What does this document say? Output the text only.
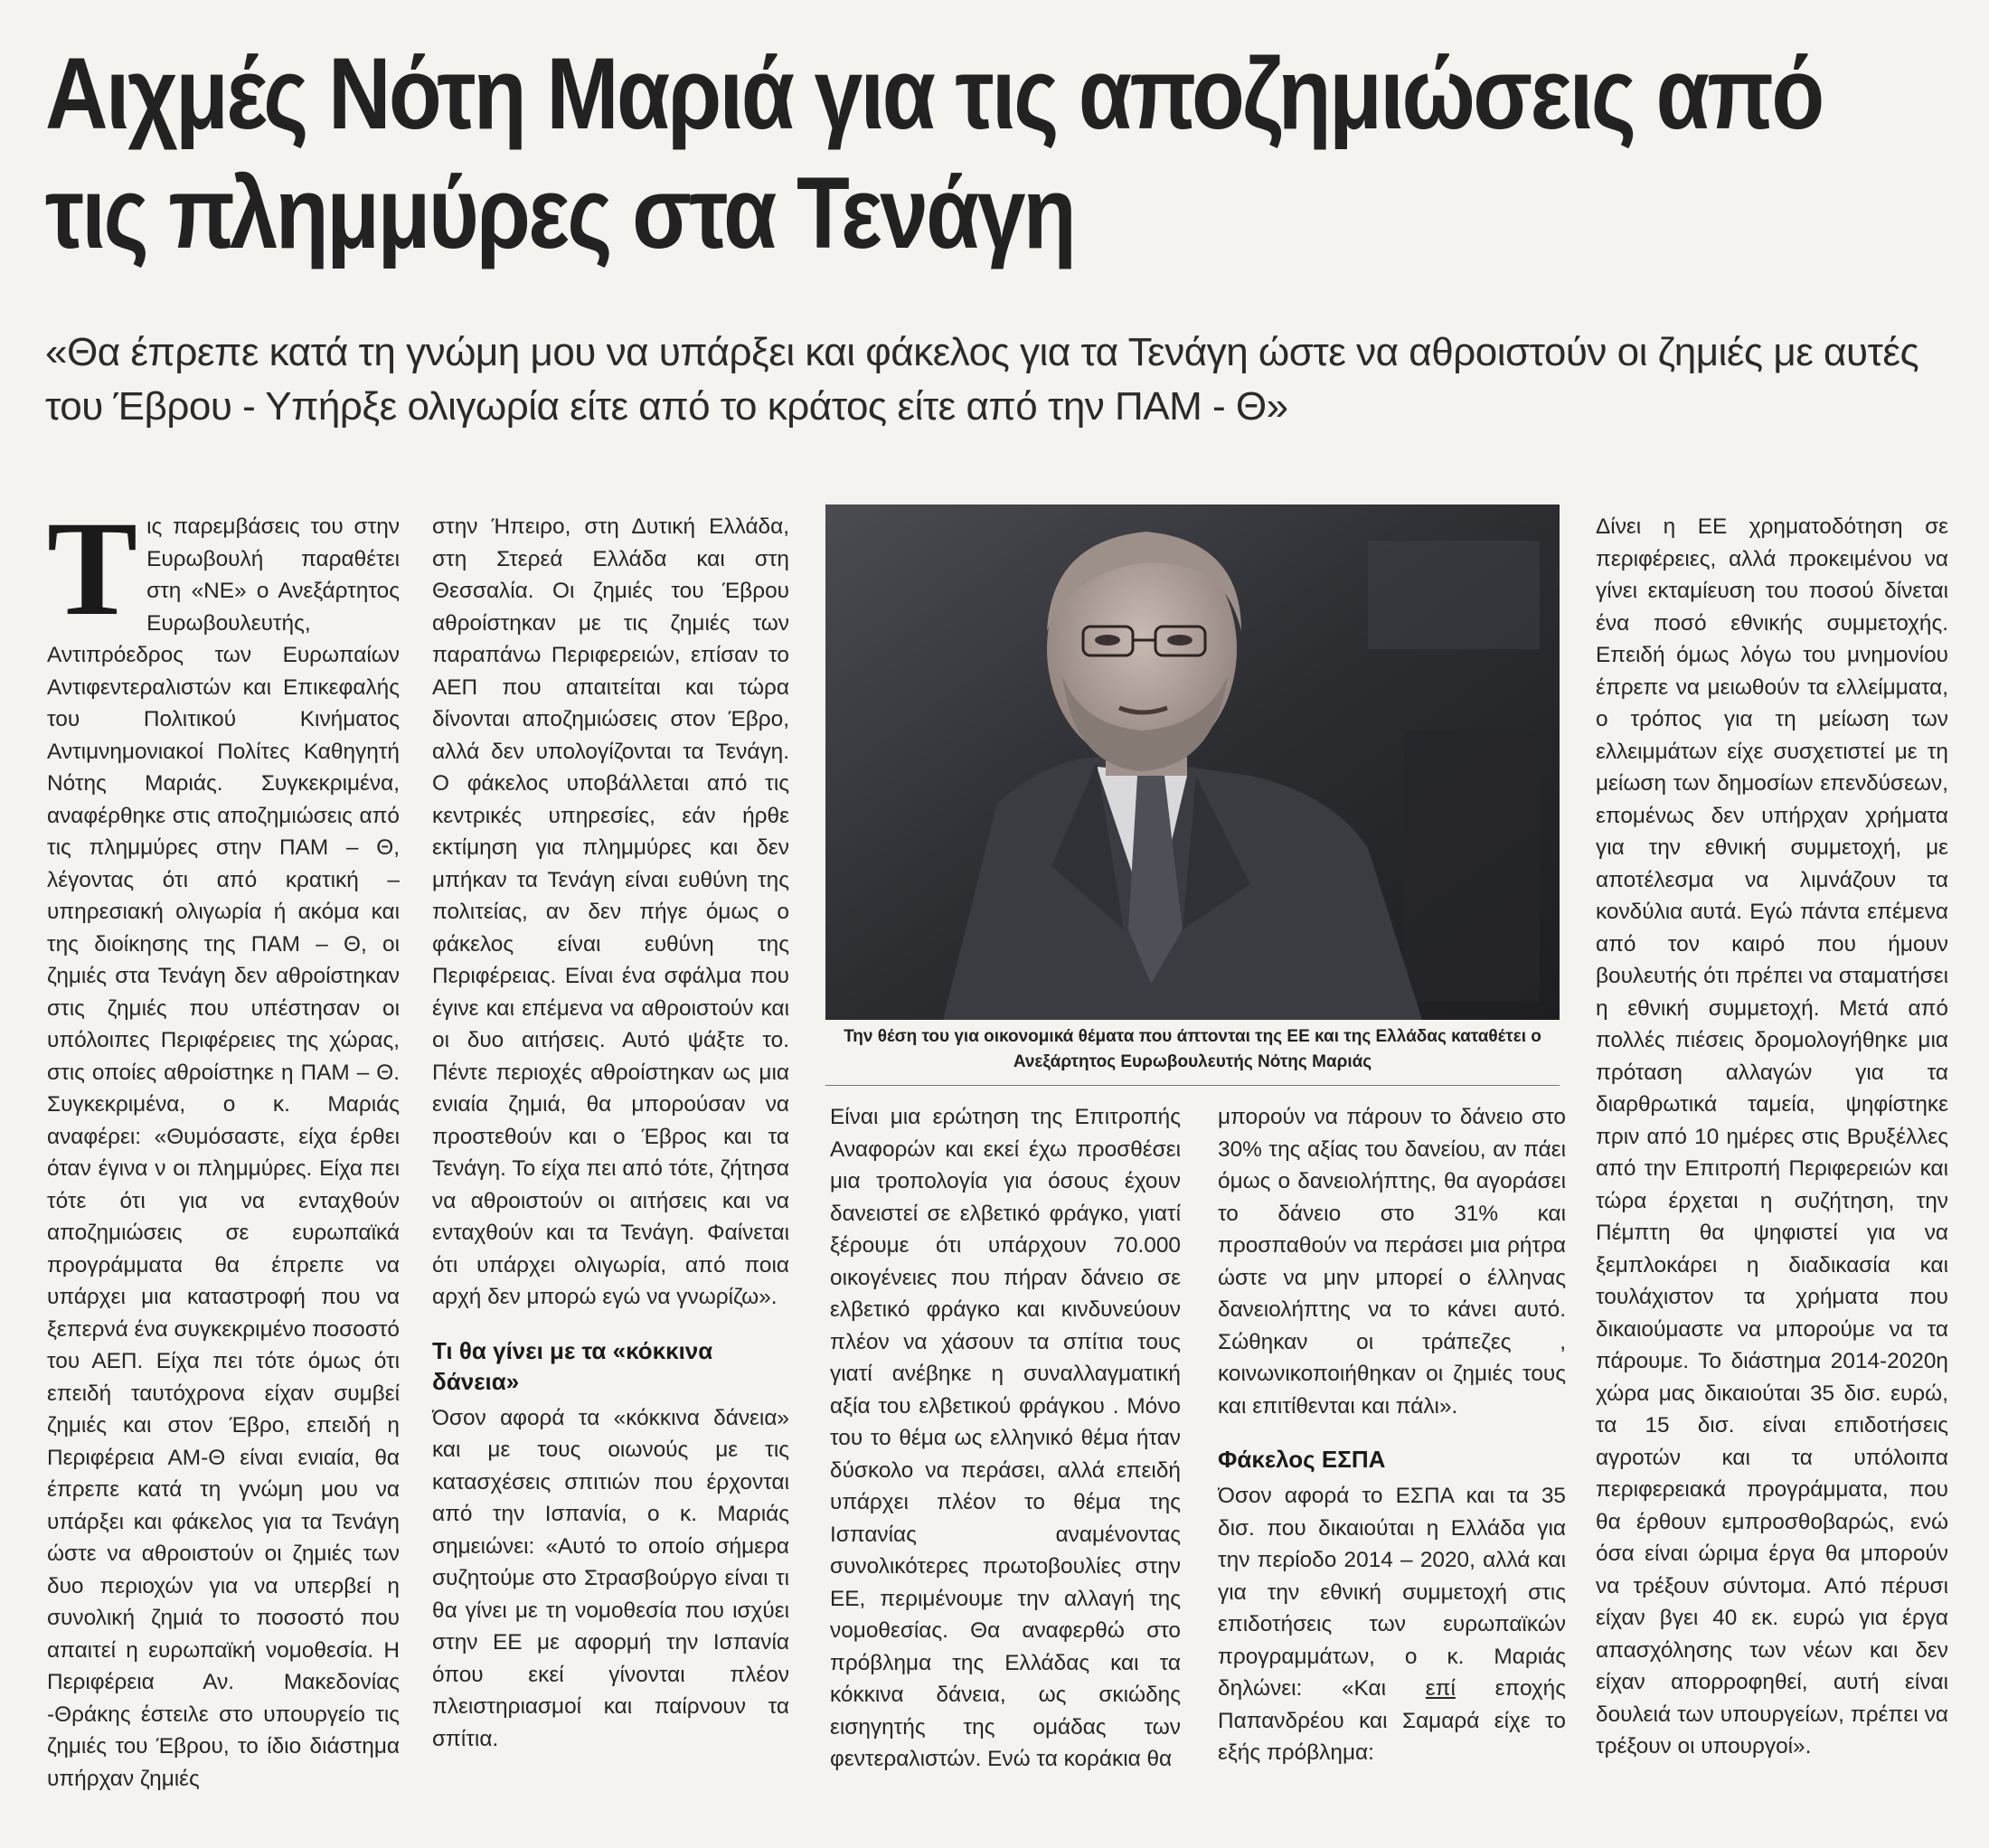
Αιχμές Νότη Μαριά για τις αποζημιώσεις από τις πλημμύρες στα Τενάγη

«Θα έπρεπε κατά τη γνώμη μου να υπάρξει και φάκελος για τα Τενάγη ώστε να αθροιστούν οι ζημιές με αυτές του Έβρου - Υπήρξε ολιγωρία είτε από το κράτος είτε από την ΠΑΜ - Θ»

Τις παρεμβάσεις του στην Ευρωβουλή παραθέτει στη «ΝΕ» ο Ανεξάρτητος Ευρωβουλευτής, Αντιπρόεδρος των Ευρωπαίων Αντιφεντεραλιστών και Επικεφαλής του Πολιτικού Κινήματος Αντιμνημονιακοί Πολίτες Καθηγητή Νότης Μαριάς. Συγκεκριμένα, αναφέρθηκε στις αποζημιώσεις από τις πλημμύρες στην ΠΑΜ – Θ, λέγοντας ότι από κρατική – υπηρεσιακή ολιγωρία ή ακόμα και της διοίκησης της ΠΑΜ – Θ, οι ζημιές στα Τενάγη δεν αθροίστηκαν στις ζημιές που υπέστησαν οι υπόλοιπες Περιφέρειες της χώρας, στις οποίες αθροίστηκε η ΠΑΜ – Θ. Συγκεκριμένα, ο κ. Μαριάς αναφέρει: «Θυμόσαστε, είχα έρθει όταν έγινα ν οι πλημμύρες. Είχα πει τότε ότι για να ενταχθούν αποζημιώσεις σε ευρωπαϊκά προγράμματα θα έπρεπε να υπάρχει μια καταστροφή που να ξεπερνά ένα συγκεκριμένο ποσοστό του ΑΕΠ. Είχα πει τότε όμως ότι επειδή ταυτόχρονα είχαν συμβεί ζημιές και στον Έβρο, επειδή η Περιφέρεια ΑΜ-Θ είναι ενιαία, θα έπρεπε κατά τη γνώμη μου να υπάρξει και φάκελος για τα Τενάγη ώστε να αθροιστούν οι ζημιές των δυο περιοχών για να υπερβεί η συνολική ζημιά το ποσοστό που απαιτεί η ευρωπαϊκή νομοθεσία. Η Περιφέρεια Αν. Μακεδονίας -Θράκης έστειλε στο υπουργείο τις ζημιές του Έβρου, το ίδιο διάστημα υπήρχαν ζημιές

στην Ήπειρο, στη Δυτική Ελλάδα, στη Στερεά Ελλάδα και στη Θεσσαλία. Οι ζημιές του Έβρου αθροίστηκαν με τις ζημιές των παραπάνω Περιφερειών, επίσαν το ΑΕΠ που απαιτείται και τώρα δίνονται αποζημιώσεις στον Έβρο, αλλά δεν υπολογίζονται τα Τενάγη. Ο φάκελος υποβάλλεται από τις κεντρικές υπηρεσίες, εάν ήρθε εκτίμηση για πλημμύρες και δεν μπήκαν τα Τενάγη είναι ευθύνη της πολιτείας, αν δεν πήγε όμως ο φάκελος είναι ευθύνη της Περιφέρειας. Είναι ένα σφάλμα που έγινε και επέμενα να αθροιστούν και οι δυο αιτήσεις. Αυτό ψάξτε το. Πέντε περιοχές αθροίστηκαν ως μια ενιαία ζημιά, θα μπορούσαν να προστεθούν και ο Έβρος και τα Τενάγη. Το είχα πει από τότε, ζήτησα να αθροιστούν οι αιτήσεις και να ενταχθούν και τα Τενάγη. Φαίνεται ότι υπάρχει ολιγωρία, από ποια αρχή δεν μπορώ εγώ να γνωρίζω».

Τι θα γίνει με τα «κόκκινα δάνεια»

Όσον αφορά τα «κόκκινα δάνεια» και με τους οιωνούς με τις κατασχέσεις σπιτιών που έρχονται από την Ισπανία, ο κ. Μαριάς σημειώνει: «Αυτό το οποίο σήμερα συζητούμε στο Στρασβούργο είναι τι θα γίνει με τη νομοθεσία που ισχύει στην ΕΕ με αφορμή την Ισπανία όπου εκεί γίνονται πλέον πλειστηριασμοί και παίρνουν τα σπίτια.

Την θέση του για οικονομικά θέματα που άπτονται της ΕΕ και της Ελλάδας καταθέτει ο Ανεξάρτητος Ευρωβουλευτής Νότης Μαριάς

Είναι μια ερώτηση της Επιτροπής Αναφορών και εκεί έχω προσθέσει μια τροπολογία για όσους έχουν δανειστεί σε ελβετικό φράγκο, γιατί ξέρουμε ότι υπάρχουν 70.000 οικογένειες που πήραν δάνειο σε ελβετικό φράγκο και κινδυνεύουν πλέον να χάσουν τα σπίτια τους γιατί ανέβηκε η συναλλαγματική αξία του ελβετικού φράγκου . Μόνο του το θέμα ως ελληνικό θέμα ήταν δύσκολο να περάσει, αλλά επειδή υπάρχει πλέον το θέμα της Ισπανίας αναμένοντας συνολικότερες πρωτοβουλίες στην ΕΕ, περιμένουμε την αλλαγή της νομοθεσίας. Θα αναφερθώ στο πρόβλημα της Ελλάδας και τα κόκκινα δάνεια, ως σκιώδης εισηγητής της ομάδας των φεντεραλιστών. Ενώ τα κοράκια θα

μπορούν να πάρουν το δάνειο στο 30% της αξίας του δανείου, αν πάει όμως ο δανειολήπτης, θα αγοράσει το δάνειο στο 31% και προσπαθούν να περάσει μια ρήτρα ώστε να μην μπορεί ο έλληνας δανειολήπτης να το κάνει αυτό. Σώθηκαν οι τράπεζες , κοινωνικοποιήθηκαν οι ζημιές τους και επιτίθενται και πάλι».

Φάκελος ΕΣΠΑ

Όσον αφορά το ΕΣΠΑ και τα 35 δισ. που δικαιούται η Ελλάδα για την περίοδο 2014 – 2020, αλλά και για την εθνική συμμετοχή στις επιδοτήσεις των ευρωπαϊκών προγραμμάτων, ο κ. Μαριάς δηλώνει: «Και επί εποχής Παπανδρέου και Σαμαρά είχε το εξής πρόβλημα:

Δίνει η ΕΕ χρηματοδότηση σε περιφέρειες, αλλά προκειμένου να γίνει εκταμίευση του ποσού δίνεται ένα ποσό εθνικής συμμετοχής. Επειδή όμως λόγω του μνημονίου έπρεπε να μειωθούν τα ελλείμματα, ο τρόπος για τη μείωση των ελλειμμάτων είχε συσχετιστεί με τη μείωση των δημοσίων επενδύσεων, επομένως δεν υπήρχαν χρήματα για την εθνική συμμετοχή, με αποτέλεσμα να λιμνάζουν τα κονδύλια αυτά. Εγώ πάντα επέμενα από τον καιρό που ήμουν βουλευτής ότι πρέπει να σταματήσει η εθνική συμμετοχή. Μετά από πολλές πιέσεις δρομολογήθηκε μια πρόταση αλλαγών για τα διαρθρωτικά ταμεία, ψηφίστηκε πριν από 10 ημέρες στις Βρυξέλλες από την Επιτροπή Περιφερειών και τώρα έρχεται η συζήτηση, την Πέμπτη θα ψηφιστεί για να ξεμπλοκάρει η διαδικασία και τουλάχιστον τα χρήματα που δικαιούμαστε να μπορούμε να τα πάρουμε. Το διάστημα 2014-2020η χώρα μας δικαιούται 35 δισ. ευρώ, τα 15 δισ. είναι επιδοτήσεις αγροτών και τα υπόλοιπα περιφερειακά προγράμματα, που θα έρθουν εμπροσθοβαρώς, ενώ όσα είναι ώριμα έργα θα μπορούν να τρέξουν σύντομα. Από πέρυσι είχαν βγει 40 εκ. ευρώ για έργα απασχόλησης των νέων και δεν είχαν απορροφηθεί, αυτή είναι δουλειά των υπουργείων, πρέπει να τρέξουν οι υπουργοί».
